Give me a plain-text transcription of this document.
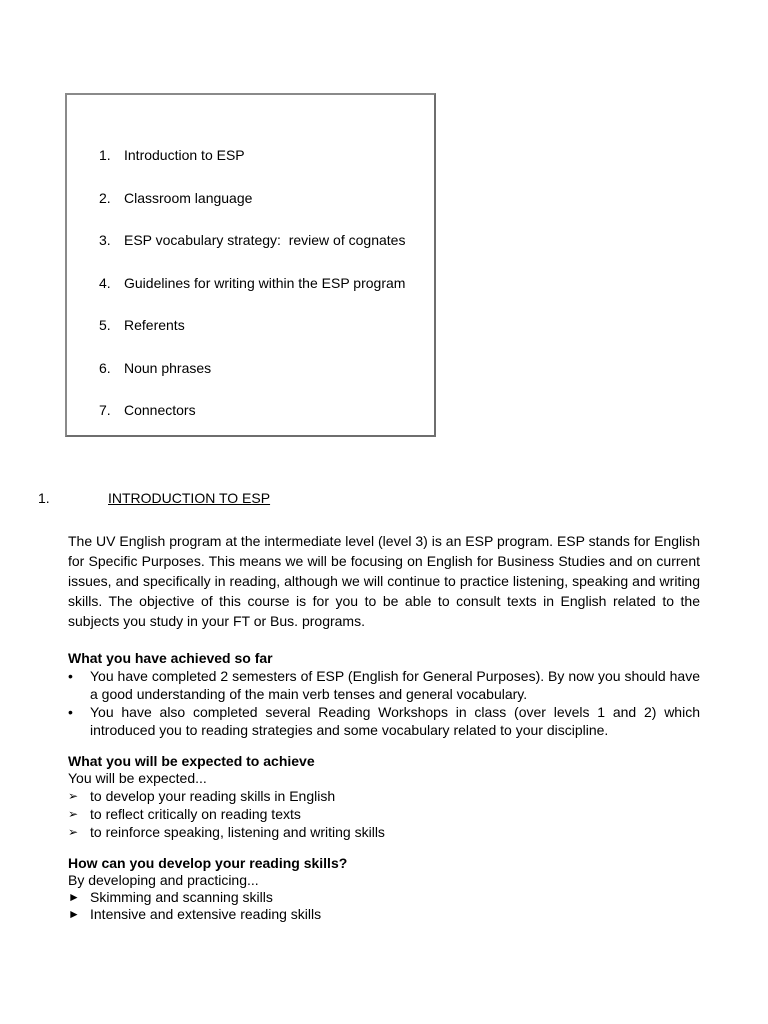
1. Introduction to ESP
2. Classroom language
3. ESP vocabulary strategy:  review of cognates
4. Guidelines for writing within the ESP program
5. Referents
6. Noun phrases
7. Connectors
1.	INTRODUCTION TO ESP

The UV English program at the intermediate level (level 3) is an ESP program. ESP stands for English for Specific Purposes. This means we will be focusing on English for Business Studies and on current issues, and specifically in reading, although we will continue to practice listening, speaking and writing skills. The objective of this course is for you to be able to consult texts in English related to the subjects you study in your FT or Bus. programs.

What you have achieved so far

•	You have completed 2 semesters of ESP (English for General Purposes). By now you should have a good understanding of the main verb tenses and general vocabulary.
•	You have also completed several Reading Workshops in class (over levels 1 and 2) which introduced you to reading strategies and some vocabulary related to your discipline.

What you will be expected to achieve

You will be expected...

➢ to develop your reading skills in English
➢ to reflect critically on reading texts
➢ to reinforce speaking, listening and writing skills

How can you develop your reading skills?

By developing and practicing...

► Skimming and scanning skills
► Intensive and extensive reading skills
